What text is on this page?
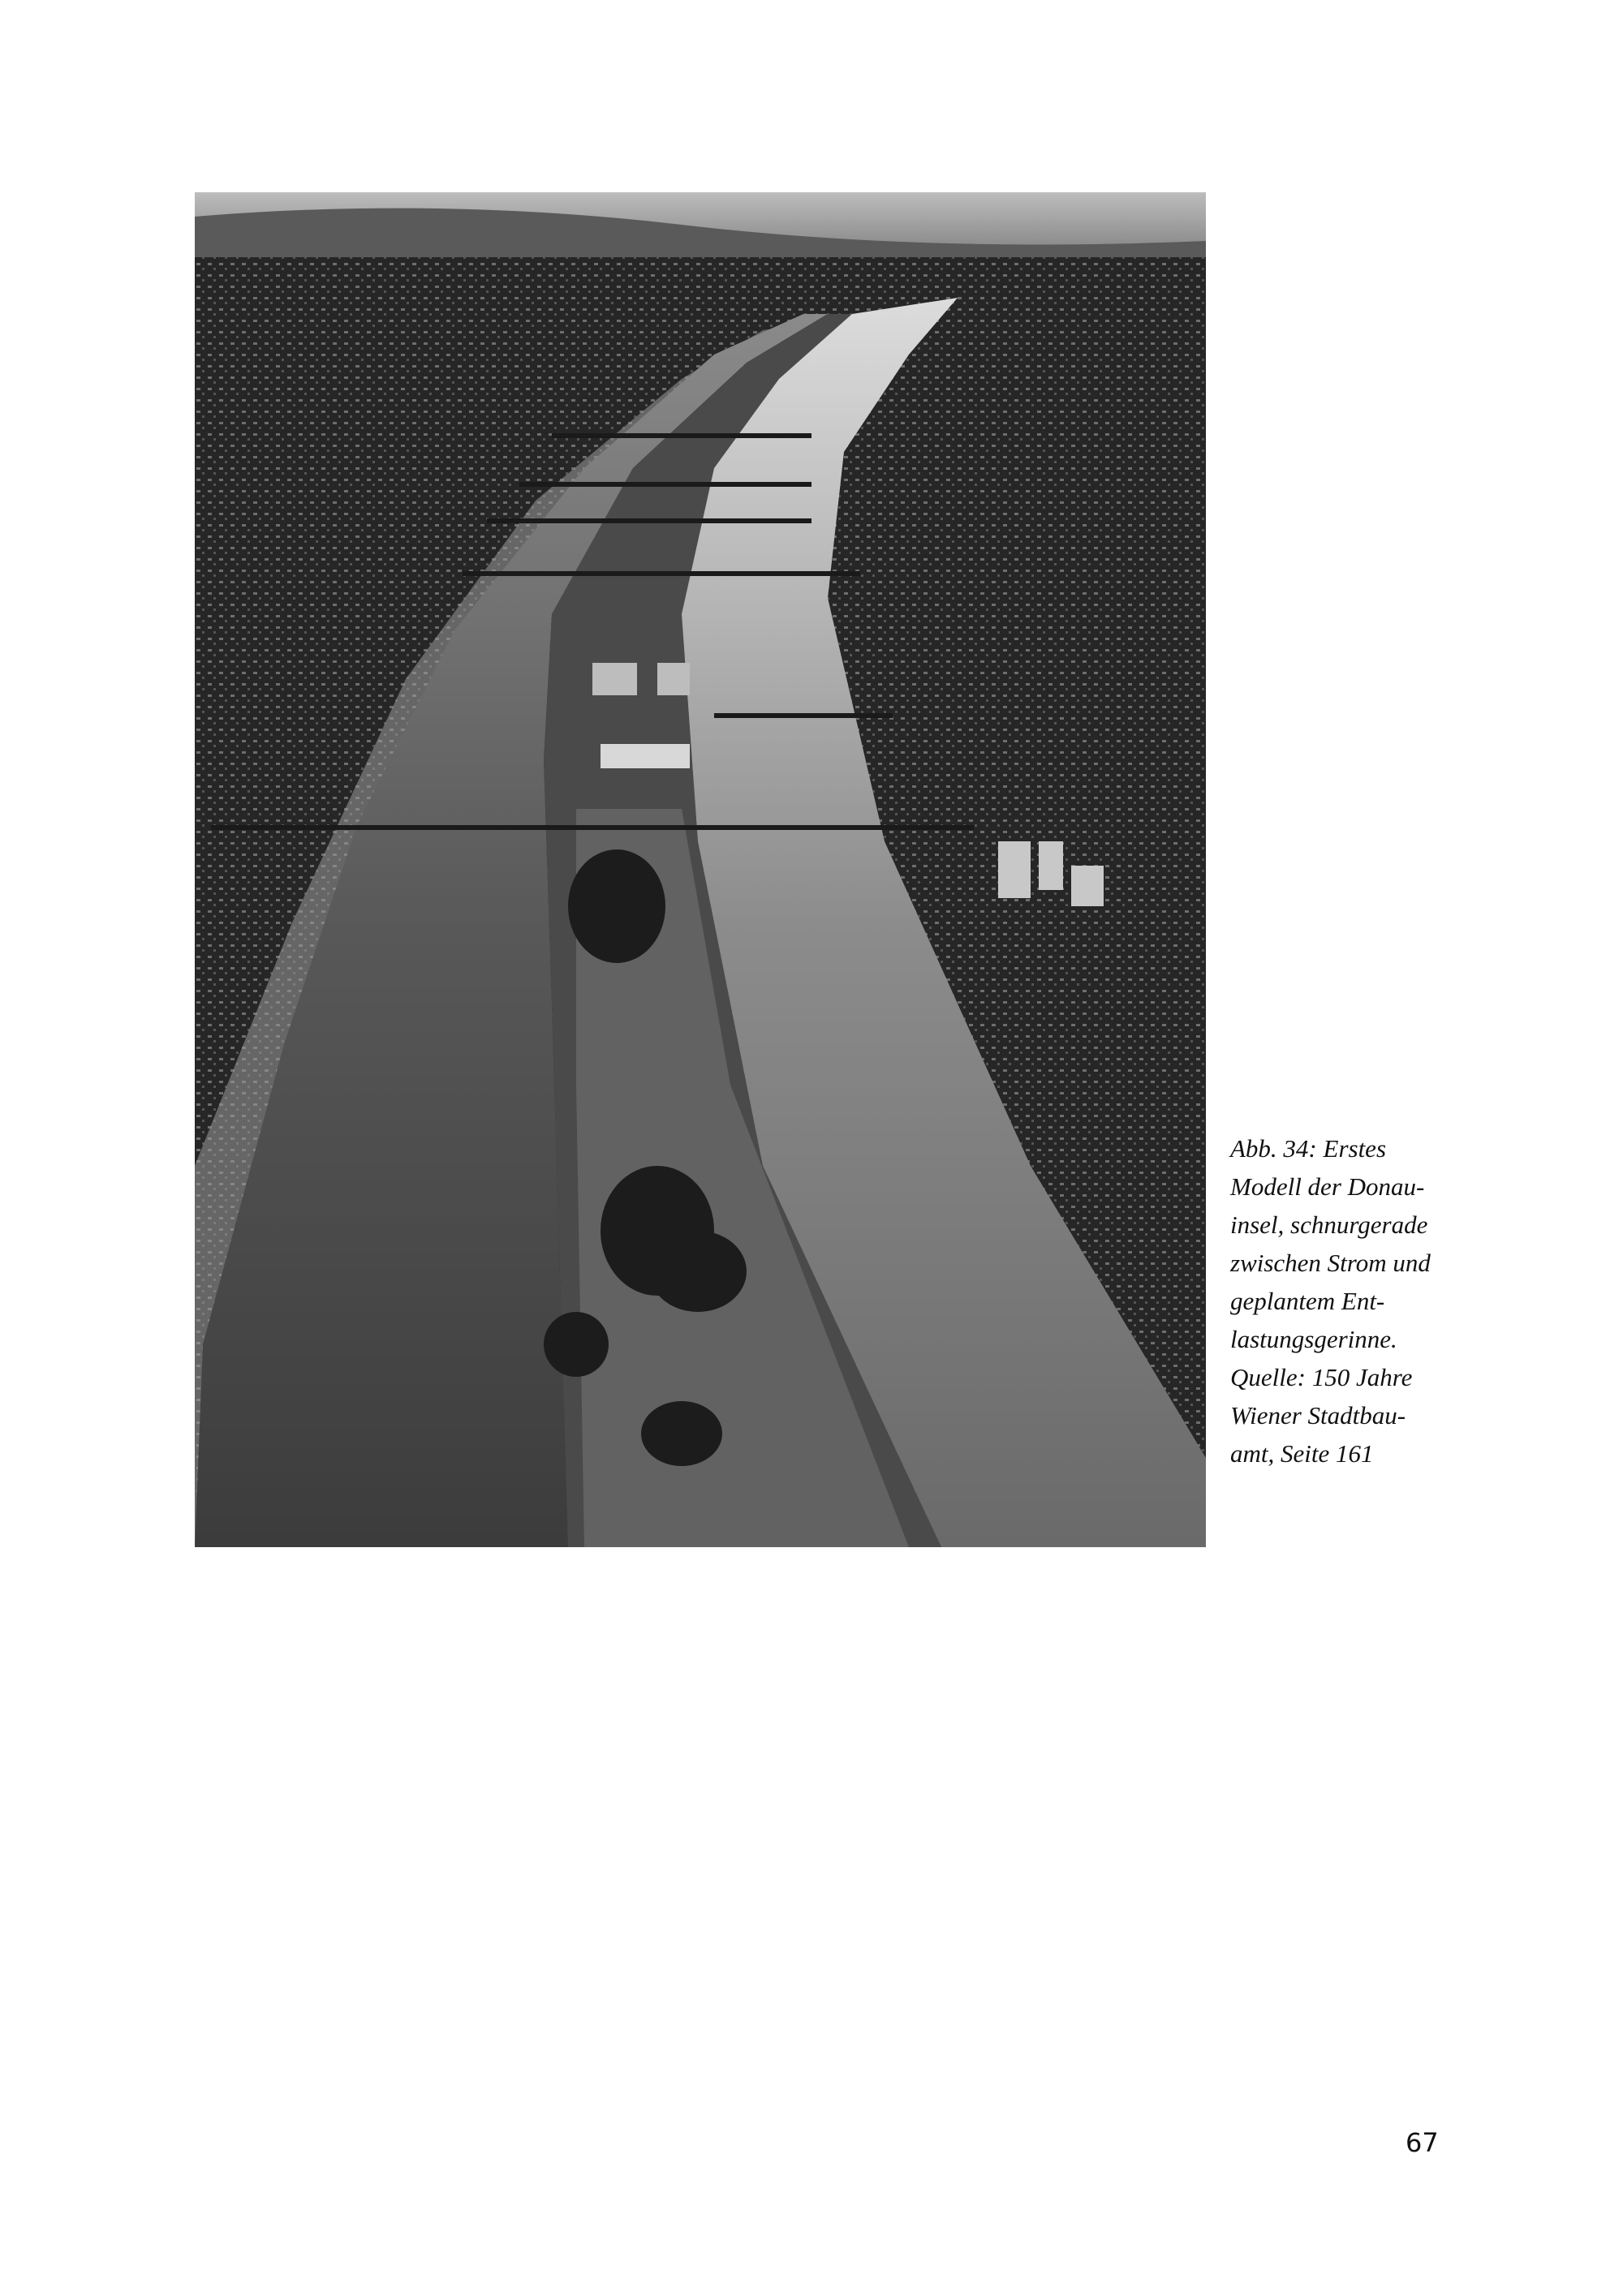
Abb. 34: Erstes
Modell der Donau-
insel, schnurgerade
zwischen Strom und
geplantem Ent-
lastungsgerinne.
Quelle: 150 Jahre
Wiener Stadtbau-
amt, Seite 161
67
